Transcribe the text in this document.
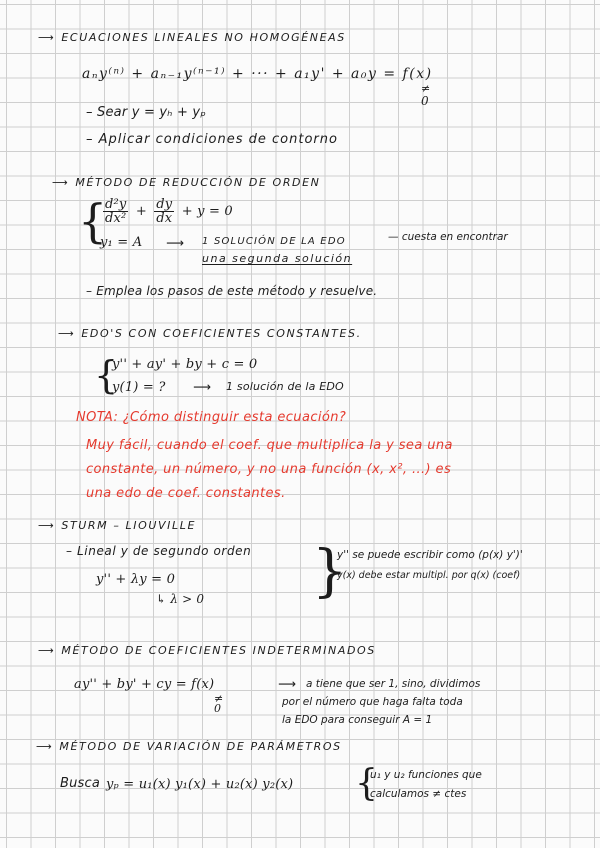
⟶ ECUACIONES LINEALES NO HOMOGÉNEAS
aₙy⁽ⁿ⁾ + aₙ₋₁y⁽ⁿ⁻¹⁾ + ··· + a₁y' + a₀y = f(x)
≠
0
– Sear y = yₕ + yₚ
– Aplicar condiciones de contorno
⟶ MÉTODO DE REDUCCIÓN DE ORDEN
{
$\frac{\text{d²y}}{\text{dx²}} + \frac{dy}{dx} + y = 0$
y₁ = A ⟶ 1 SOLUCIÓN DE LA EDO	— cuesta en encontrar
una segunda solución
– Emplea los pasos de este método y resuelve.
⟶ EDO'S CON COEFICIENTES CONSTANTES.
{
y'' + ay' + by + c = 0
y(1) = ? ⟶ 1 solución de la EDO
NOTA: ¿Cómo distinguir esta ecuación?
Muy fácil, cuando el coef. que multiplica la y sea una
constante, un número, y no una función (x, x², ...) es
una edo de coef. constantes.
⟶ STURM – LIOUVILLE
– Lineal y de segundo orden
y'' + λy = 0
↳ λ > 0 }
y'' se puede escribir como (p(x) y')'
y(x) debe estar multipl. por q(x) (coef)
⟶ MÉTODO DE COEFICIENTES INDETERMINADOS
ay'' + by' + cy = f(x)
≠
0
⟶ a tiene que ser 1, sino, dividimos
por el número que haga falta toda
la EDO para conseguir A = 1
⟶ MÉTODO DE VARIACIÓN DE PARÁMETROS
Busca yₚ = u₁(x) y₁(x) + u₂(x) y₂(x) {
u₁ y u₂ funciones que
calculamos ≠ ctes
